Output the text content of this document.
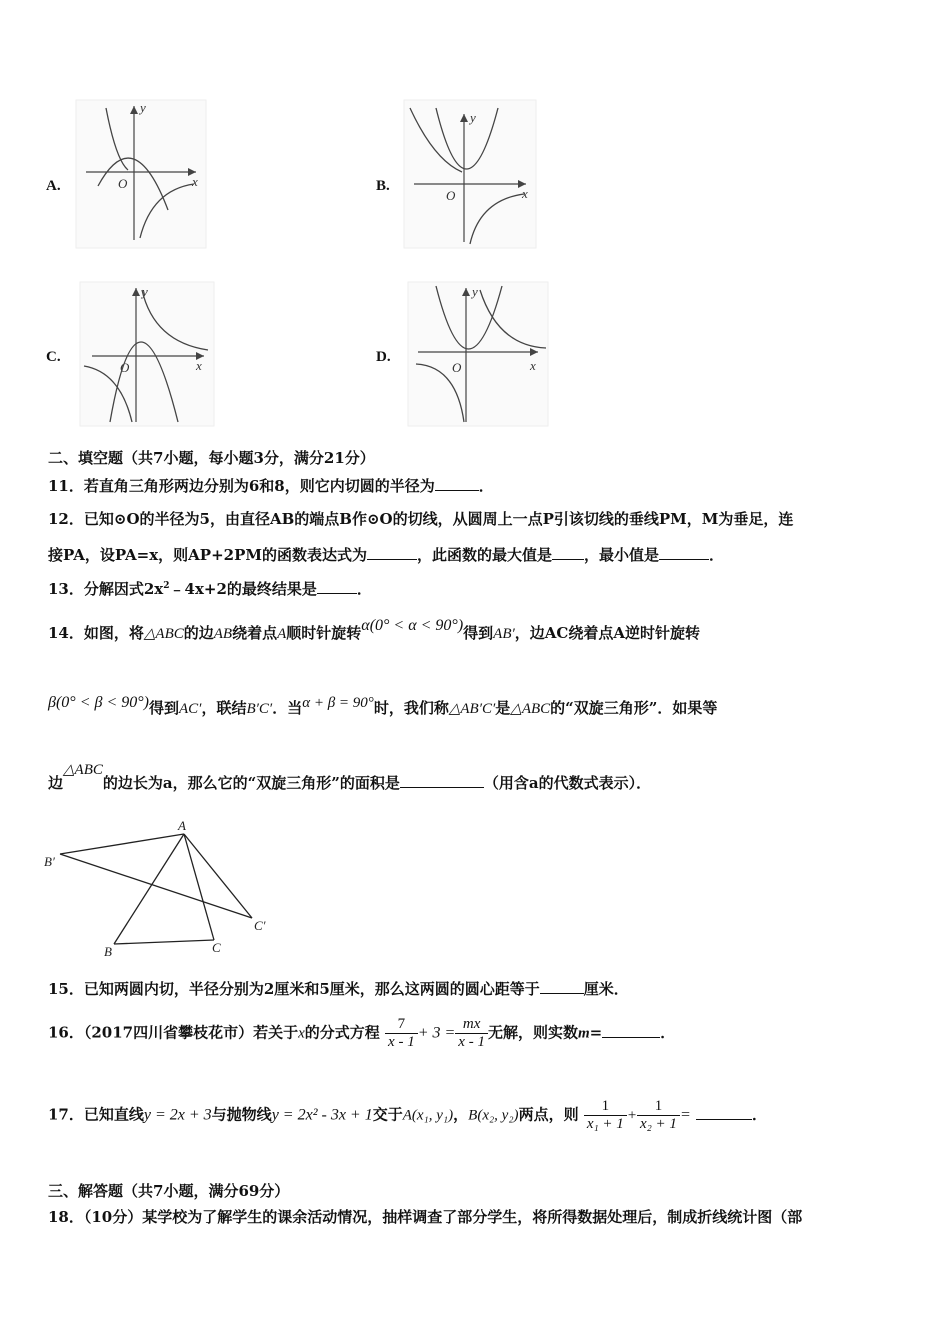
A.
y
x
O	B.
y
x
O
C.
y
x
O
D.
y
x
O
二、填空题（共7小题，每小题3分，满分21分）
11．若直角三角形两边分别为6和8，则它内切圆的半径为	．
12．已知⊙O的半径为5，由直径AB的端点B作⊙O的切线，从圆周上一点P引该切线的垂线PM，M为垂足，连
接PA，设PA=x，则AP+2PM的函数表达式为	，此函数的最大值是 ，最小值是	．
13．分解因式$2x^2﹣4x+2$的最终结果是	．
14．如图，将△ABC的边AB绕着点A顺时针旋转α(0° < α < 90°)得到AB′，边AC绕着点A逆时针旋转
β(0° < β < 90°)得到AC′，联结B′C′．当α + β = 90°时，我们称△AB′C′是△ABC的“双旋三角形”．如果等
边△ABC的边长为a，那么它的“双旋三角形”的面积是	（用含a的代数式表示）．
A
B′
C′
B	C
15．已知两圆内切，半径分别为2厘米和5厘米，那么这两圆的圆心距等于	厘米．
16．（2017四川省攀枝花市）若关于x的分式方程 $\frac{7}{x - 1} + 3 = \frac{mx}{x - 1}$ 无解，则实数m=	．
17．已知直线y = 2x + 3与抛物线y = 2x² - 3x + 1交于A(x₁, y₁)，B(x₂, y₂)两点，则 $\frac{1}{\text{x₁ + 1}} + \frac{1}{\text{x₂ + 1}}$ =	．
三、解答题（共7小题，满分69分）
18．（10分）某学校为了解学生的课余活动情况，抽样调查了部分学生，将所得数据处理后，制成折线统计图（部
